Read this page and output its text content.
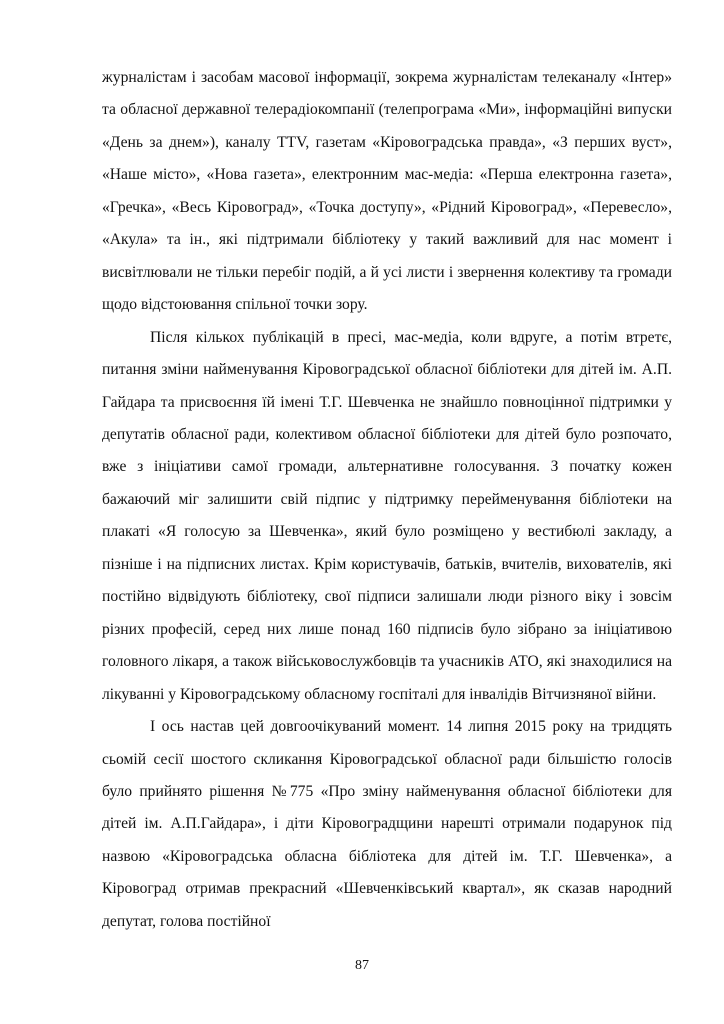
журналістам і засобам масової інформації, зокрема журналістам телеканалу «Інтер» та обласної державної телерадіокомпанії (телепрограма «Ми», інформаційні випуски «День за днем»), каналу TTV, газетам «Кіровоградська правда», «З перших вуст», «Наше місто», «Нова газета», електронним мас-медіа: «Перша електронна газета», «Гречка», «Весь Кіровоград», «Точка доступу», «Рідний Кіровоград», «Перевесло», «Акула» та ін., які підтримали бібліотеку у такий важливий для нас момент і висвітлювали не тільки перебіг подій, а й усі листи і звернення колективу та громади щодо відстоювання спільної точки зору.

Після кількох публікацій в пресі, мас-медіа, коли вдруге, а потім втретє, питання зміни найменування Кіровоградської обласної бібліотеки для дітей ім. А.П. Гайдара та присвоєння їй імені Т.Г. Шевченка не знайшло повноцінної підтримки у депутатів обласної ради, колективом обласної бібліотеки для дітей було розпочато, вже з ініціативи самої громади, альтернативне голосування. З початку кожен бажаючий міг залишити свій підпис у підтримку перейменування бібліотеки на плакаті «Я голосую за Шевченка», який було розміщено у вестибюлі закладу, а пізніше і на підписних листах. Крім користувачів, батьків, вчителів, вихователів, які постійно відвідують бібліотеку, свої підписи залишали люди різного віку і зовсім різних професій, серед них лише понад 160 підписів було зібрано за ініціативою головного лікаря, а також військовослужбовців та учасників АТО, які знаходилися на лікуванні у Кіровоградському обласному госпіталі для інвалідів Вітчизняної війни.

І ось настав цей довгоочікуваний момент. 14 липня 2015 року на тридцять сьомій сесії шостого скликання Кіровоградської обласної ради більшістю голосів було прийнято рішення №775 «Про зміну найменування обласної бібліотеки для дітей ім. А.П.Гайдара», і діти Кіровоградщини нарешті отримали подарунок під назвою «Кіровоградська обласна бібліотека для дітей ім. Т.Г. Шевченка», а Кіровоград отримав прекрасний «Шевченківський квартал», як сказав народний депутат, голова постійної

87
